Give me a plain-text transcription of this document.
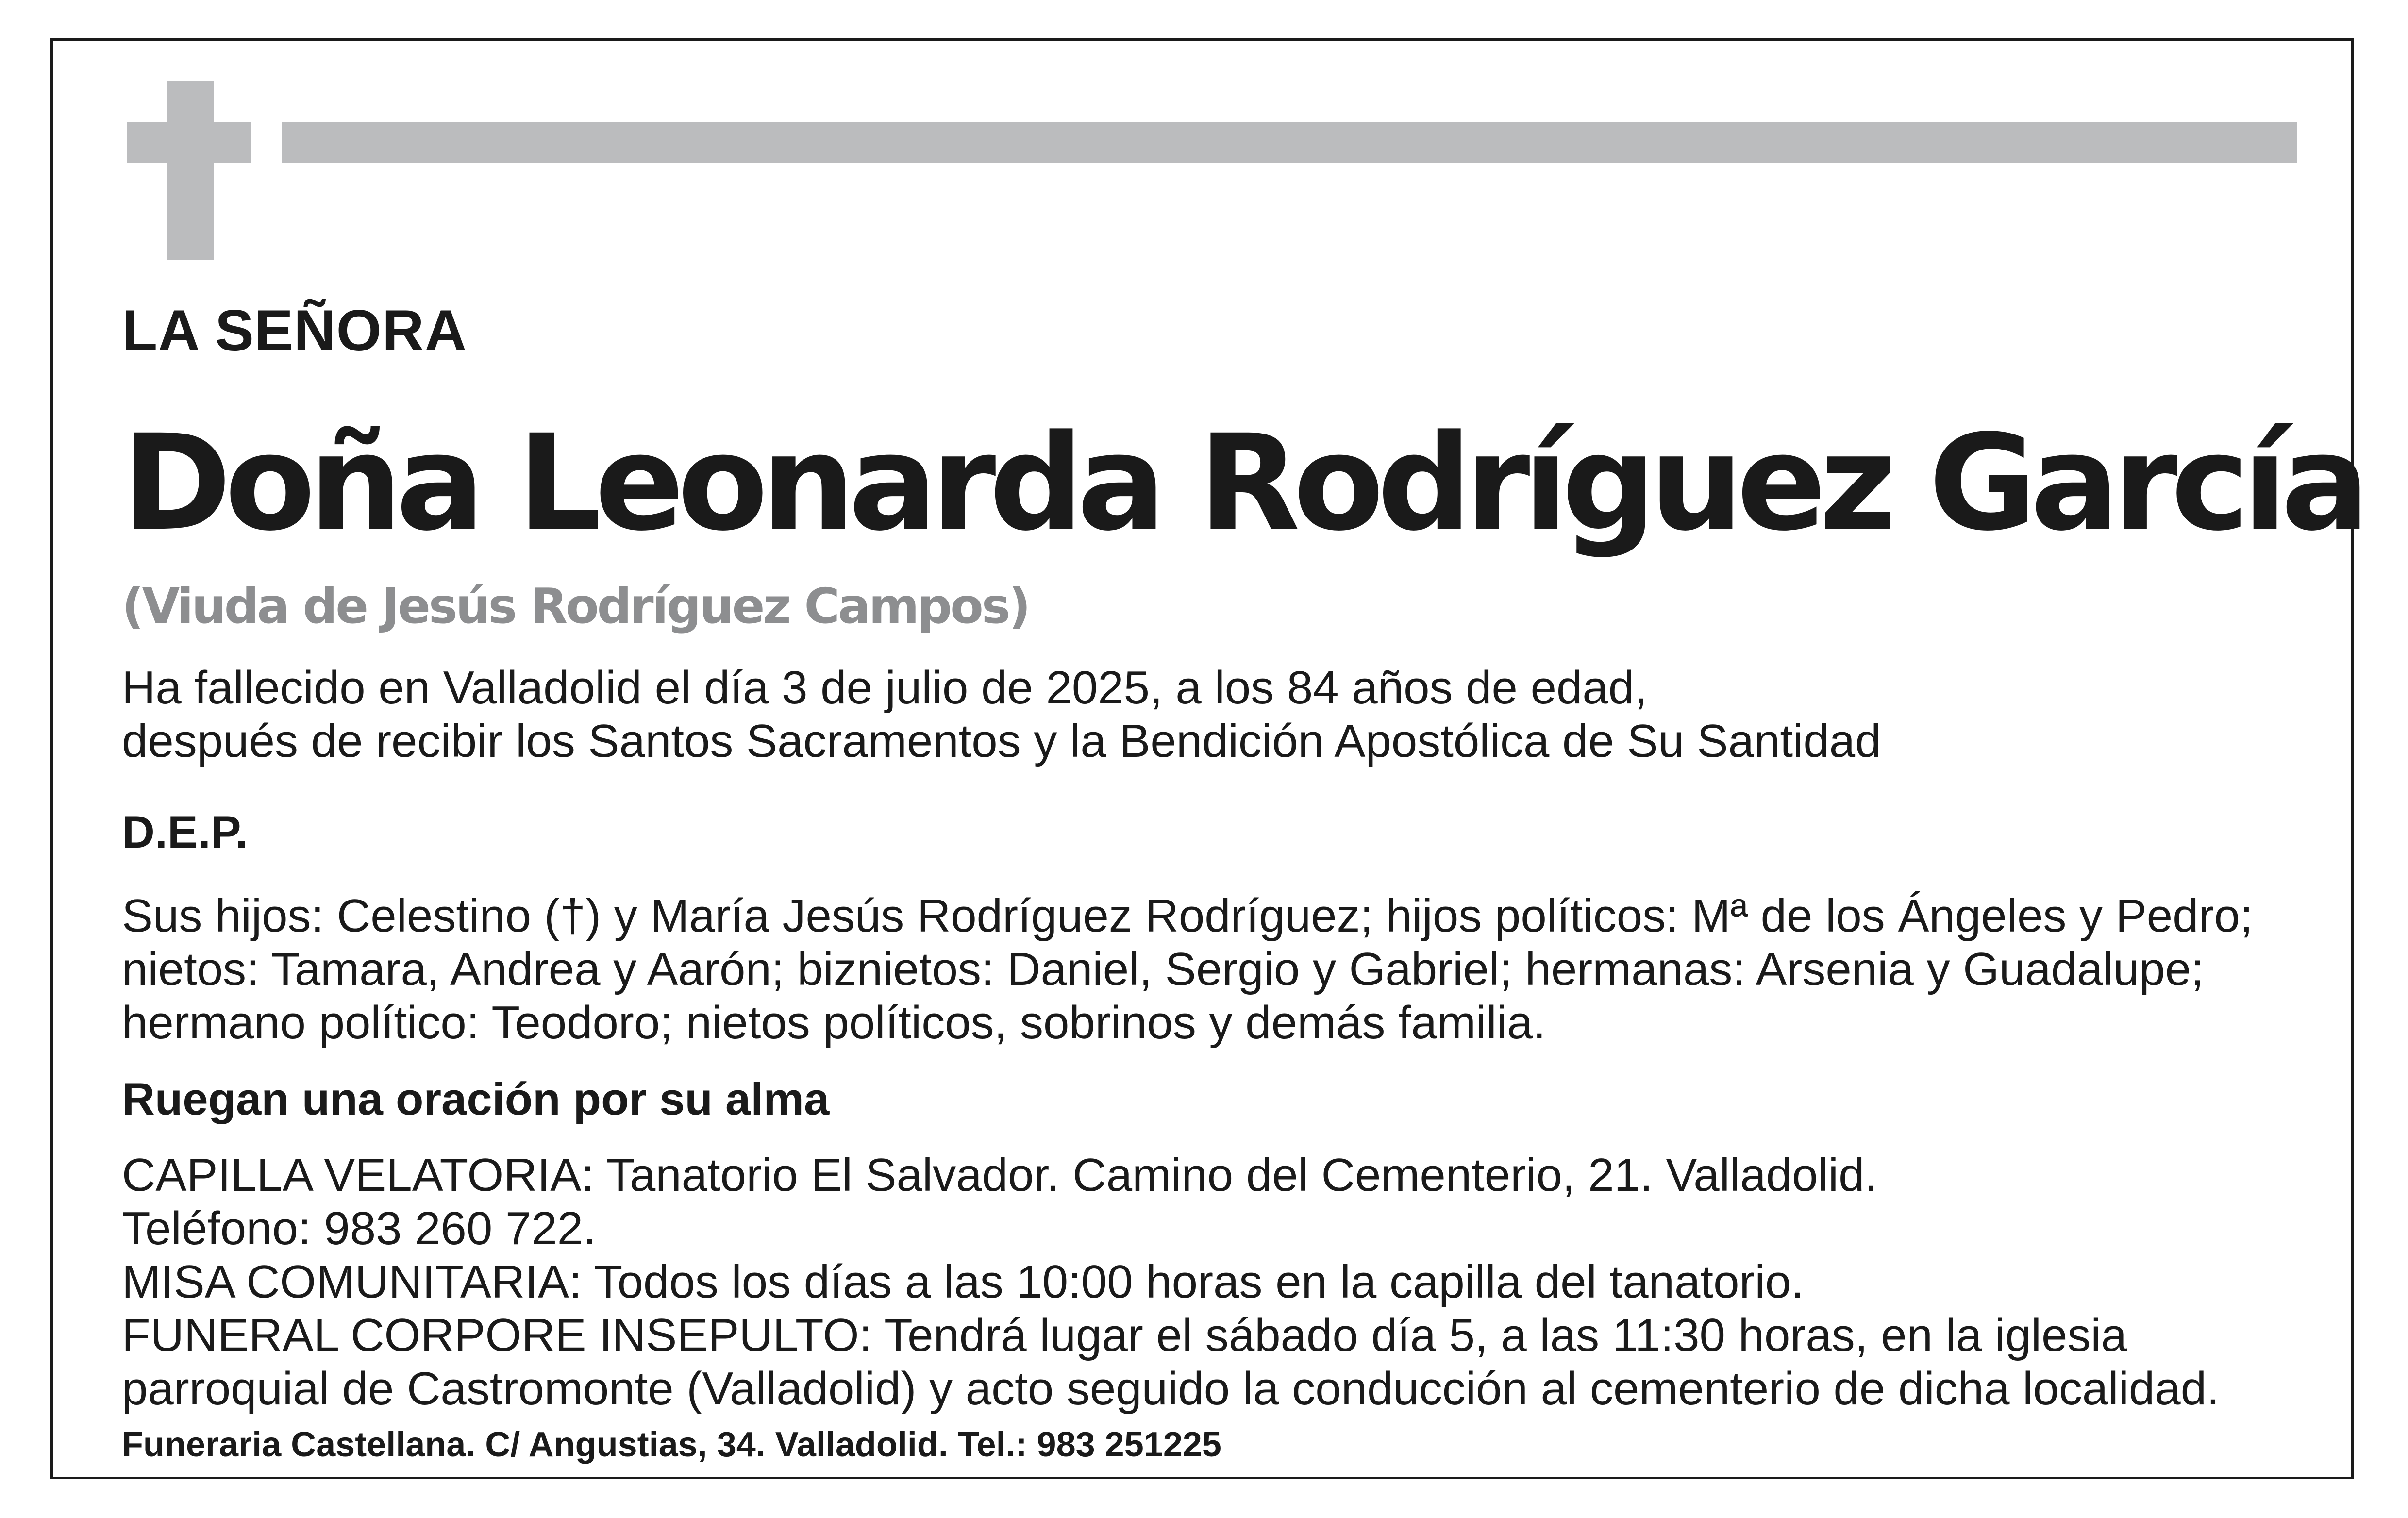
LA SEÑORA

Doña Leonarda Rodríguez García

(Viuda de Jesús Rodríguez Campos)

Ha fallecido en Valladolid el día 3 de julio de 2025, a los 84 años de edad,
después de recibir los Santos Sacramentos y la Bendición Apostólica de Su Santidad

D.E.P.

Sus hijos: Celestino (†) y María Jesús Rodríguez Rodríguez; hijos políticos: Mª de los Ángeles y Pedro;
nietos: Tamara, Andrea y Aarón; biznietos: Daniel, Sergio y Gabriel; hermanas: Arsenia y Guadalupe;
hermano político: Teodoro; nietos políticos, sobrinos y demás familia.

Ruegan una oración por su alma

CAPILLA VELATORIA: Tanatorio El Salvador. Camino del Cementerio, 21. Valladolid.
Teléfono: 983 260 722.
MISA COMUNITARIA: Todos los días a las 10:00 horas en la capilla del tanatorio.
FUNERAL CORPORE INSEPULTO: Tendrá lugar el sábado día 5, a las 11:30 horas, en la iglesia
parroquial de Castromonte (Valladolid) y acto seguido la conducción al cementerio de dicha localidad.

Funeraria Castellana. C/ Angustias, 34. Valladolid. Tel.: 983 251225
